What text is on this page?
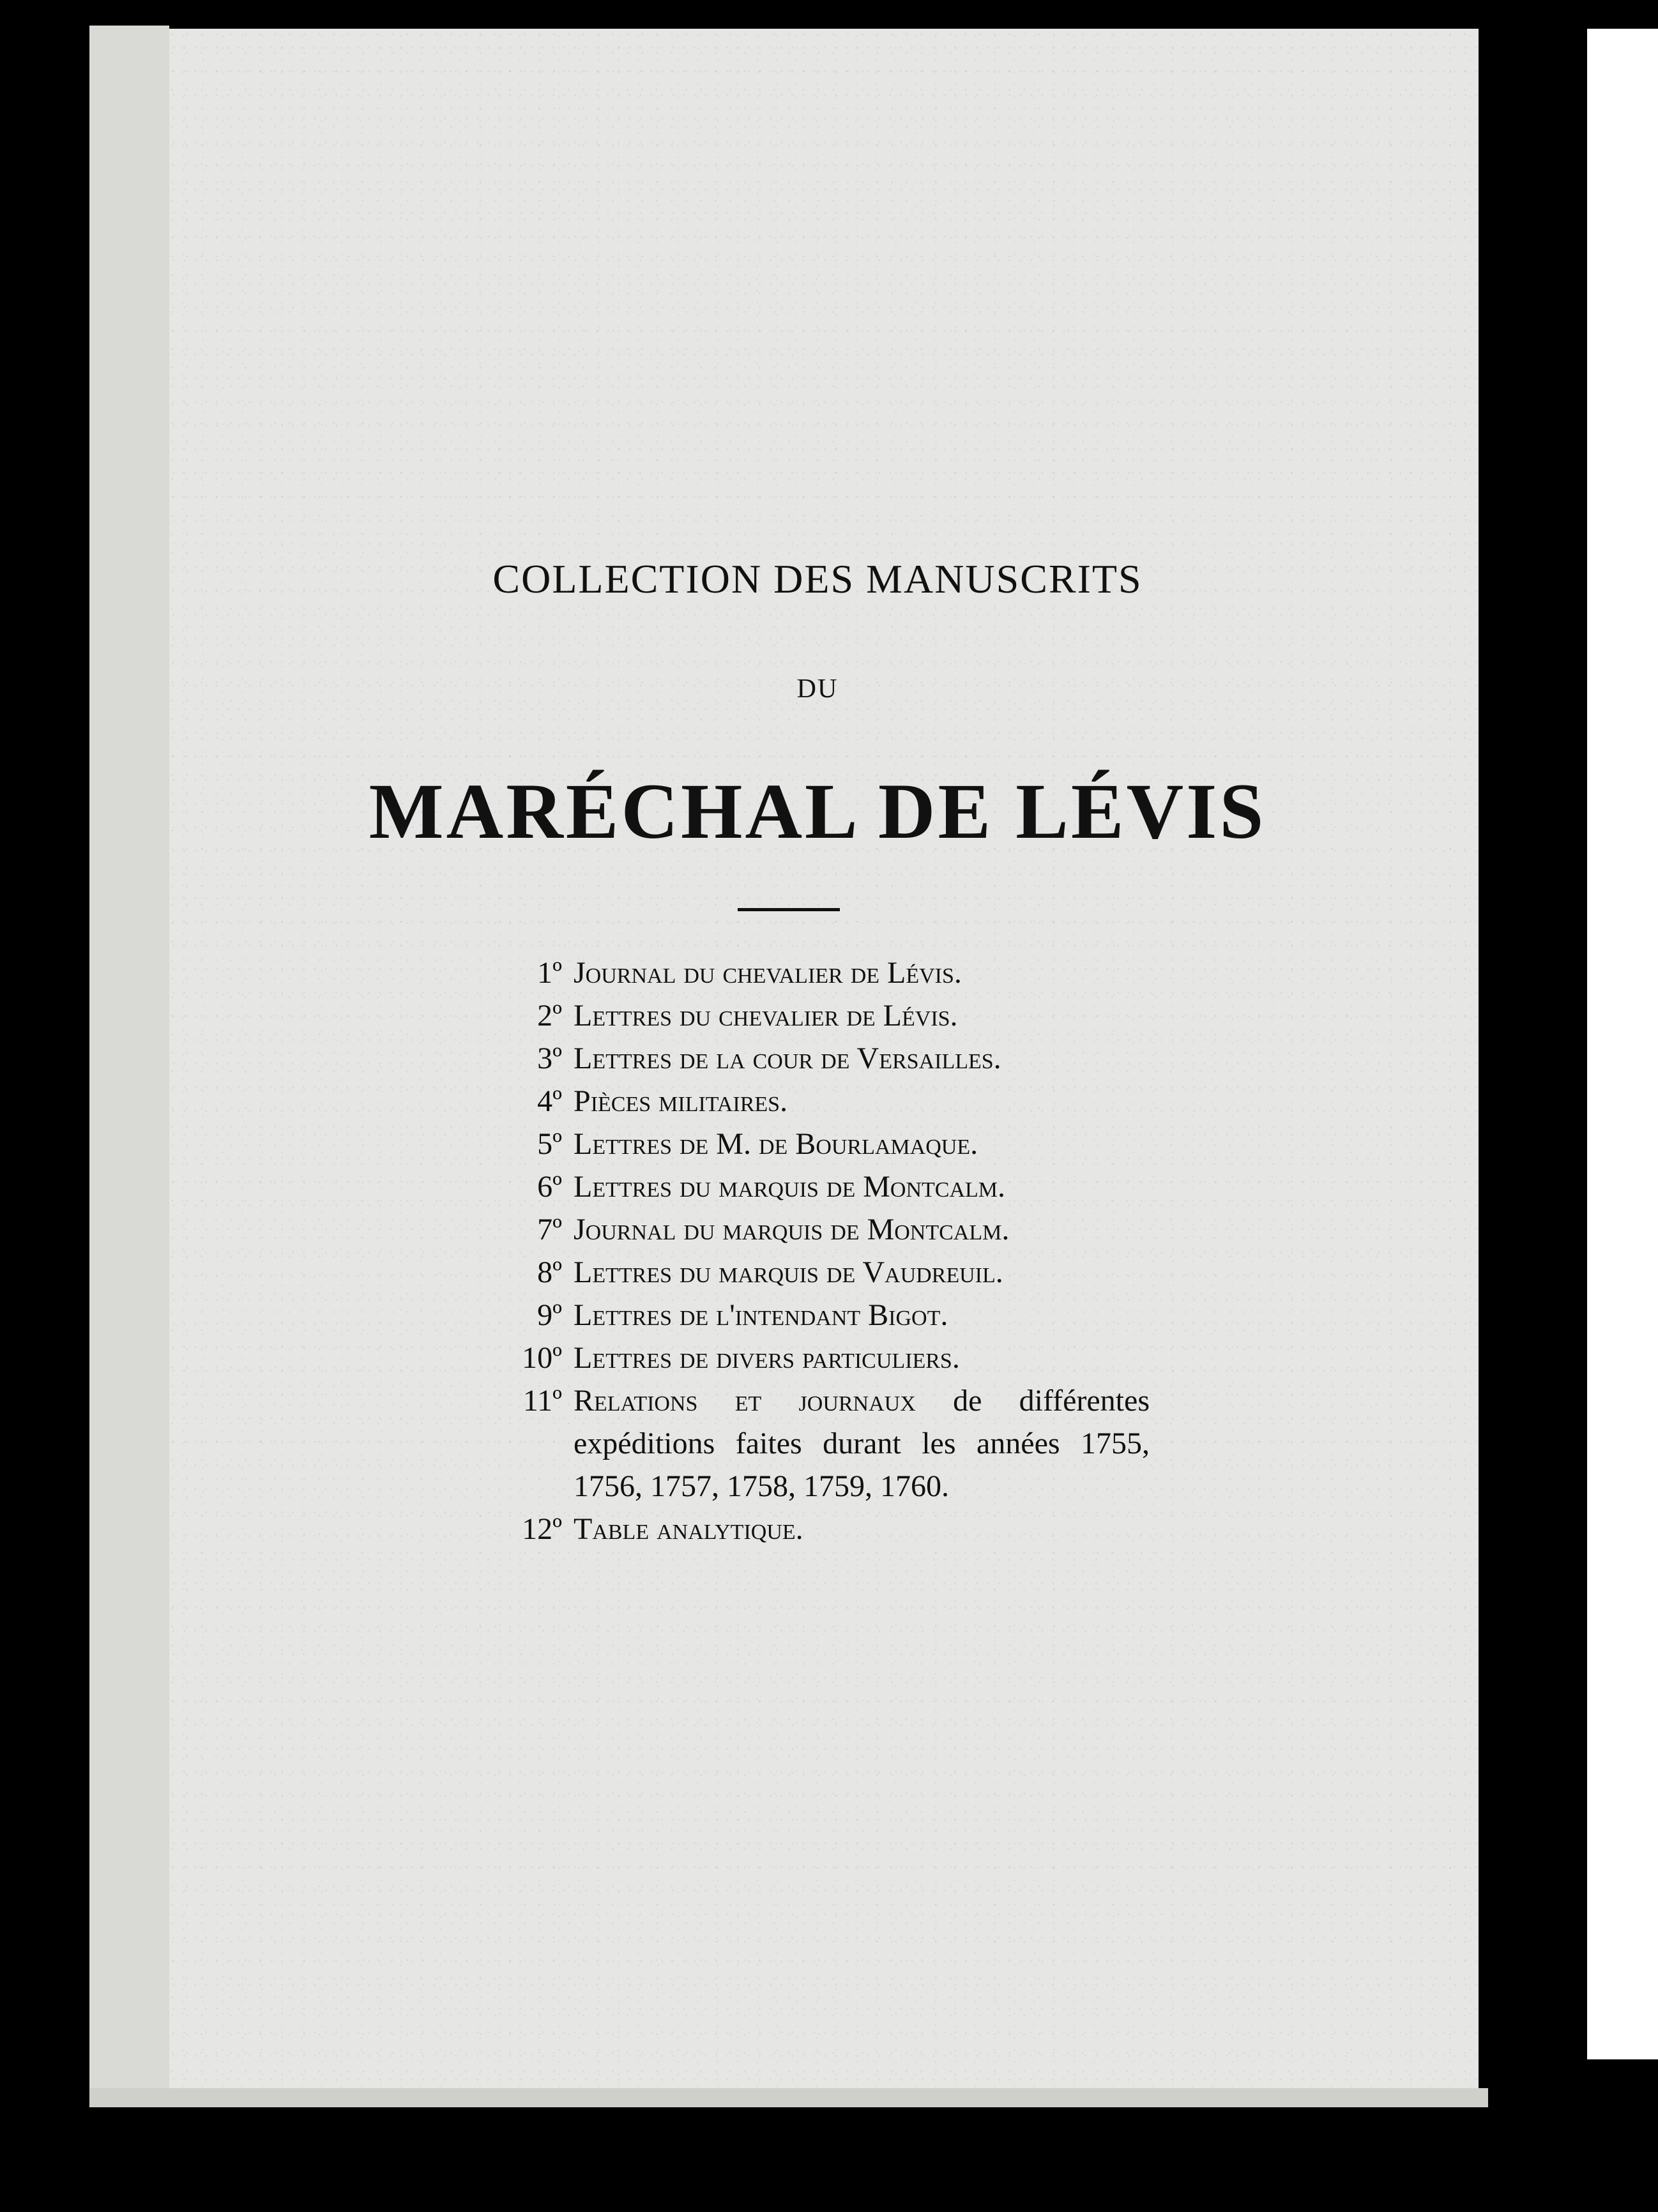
COLLECTION DES MANUSCRITS
DU
MARÉCHAL DE LÉVIS
1º Journal du chevalier de Lévis.
2º Lettres du chevalier de Lévis.
3º Lettres de la cour de Versailles.
4º Pièces militaires.
5º Lettres de M. de Bourlamaque.
6º Lettres du marquis de Montcalm.
7º Journal du marquis de Montcalm.
8º Lettres du marquis de Vaudreuil.
9º Lettres de l'intendant Bigot.
10º Lettres de divers particuliers.
11º Relations et journaux de différentes expéditions faites durant les années 1755, 1756, 1757, 1758, 1759, 1760.
12º Table analytique.
